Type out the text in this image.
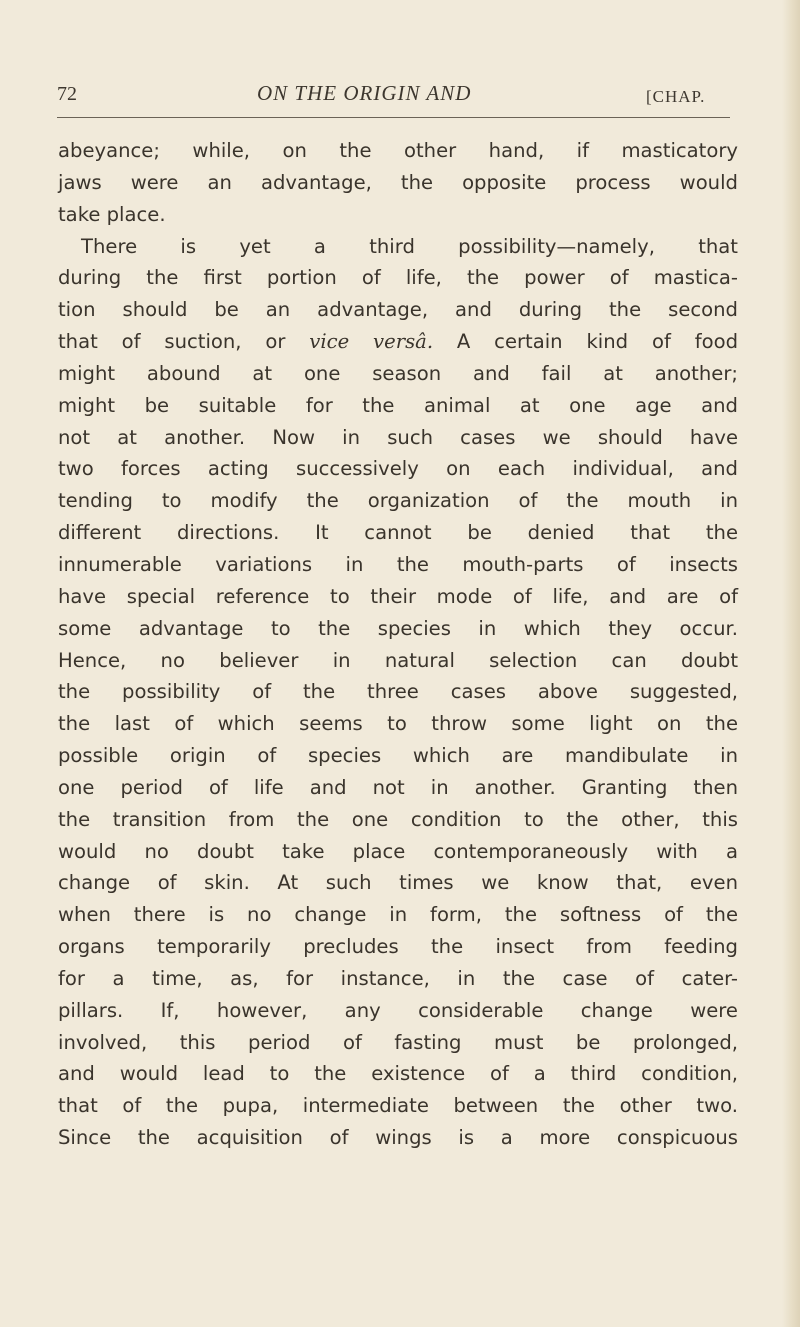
72	ON THE ORIGIN AND	[CHAP.
abeyance; while, on the other hand, if masticatory
jaws were an advantage, the opposite process would
take place.
There is yet a third possibility—namely, that
during the first portion of life, the power of mastica-
tion should be an advantage, and during the second
that of suction, or vice versâ. A certain kind of food
might abound at one season and fail at another;
might be suitable for the animal at one age and
not at another. Now in such cases we should have
two forces acting successively on each individual, and
tending to modify the organization of the mouth in
different directions. It cannot be denied that the
innumerable variations in the mouth-parts of insects
have special reference to their mode of life, and are of
some advantage to the species in which they occur.
Hence, no believer in natural selection can doubt
the possibility of the three cases above suggested,
the last of which seems to throw some light on the
possible origin of species which are mandibulate in
one period of life and not in another. Granting then
the transition from the one condition to the other, this
would no doubt take place contemporaneously with a
change of skin. At such times we know that, even
when there is no change in form, the softness of the
organs temporarily precludes the insect from feeding
for a time, as, for instance, in the case of cater-
pillars. If, however, any considerable change were
involved, this period of fasting must be prolonged,
and would lead to the existence of a third condition,
that of the pupa, intermediate between the other two.
Since the acquisition of wings is a more conspicuous
